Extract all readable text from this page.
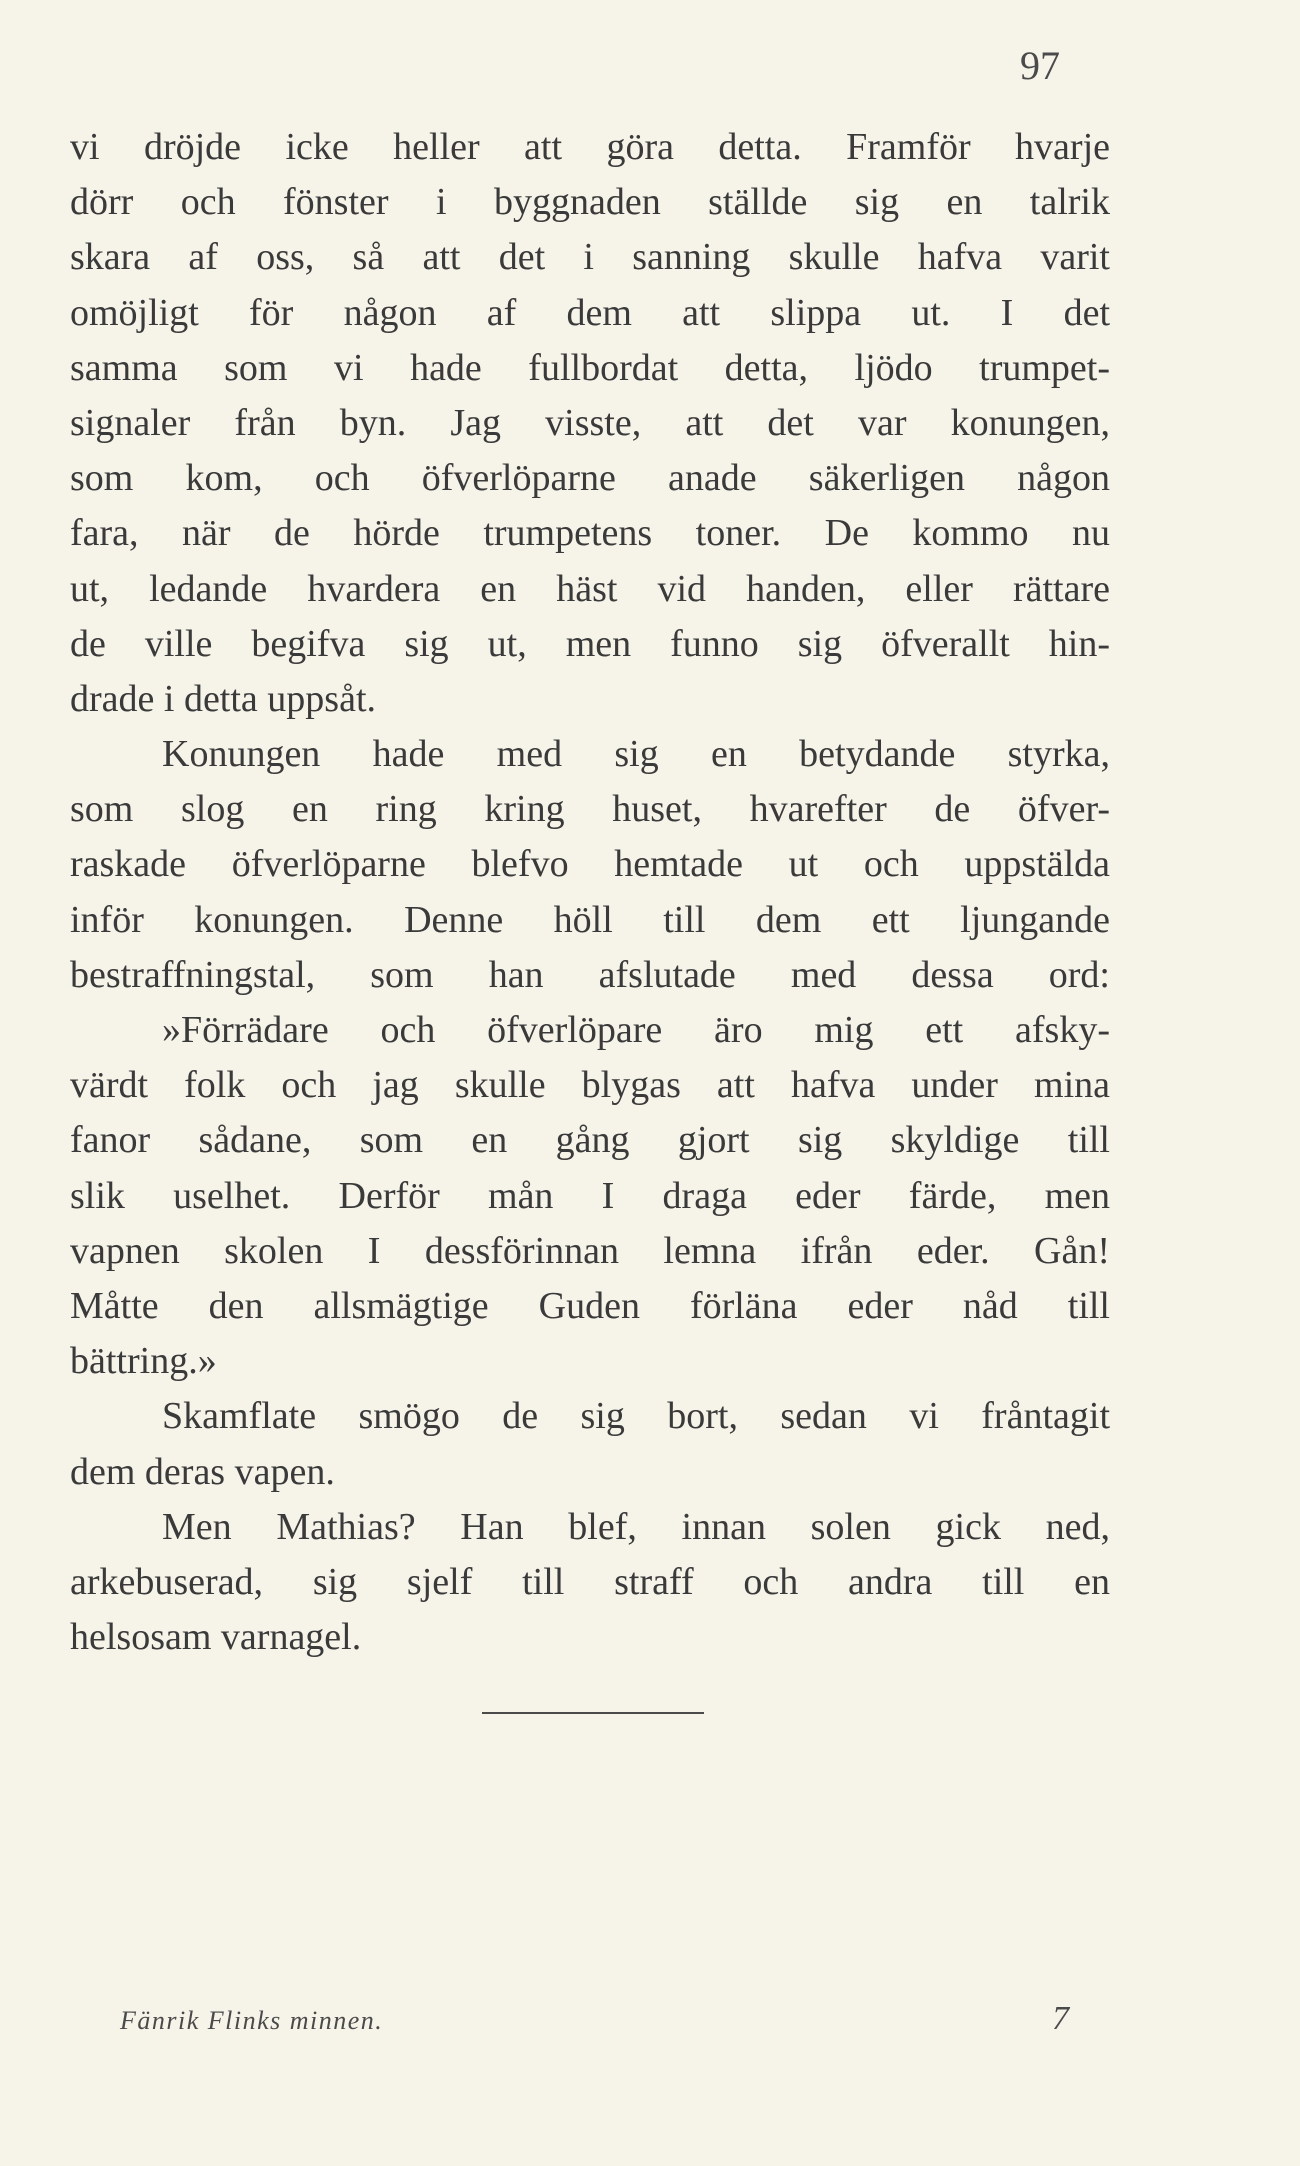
97
vi dröjde icke heller att göra detta. Framför hvarje
dörr och fönster i byggnaden ställde sig en talrik
skara af oss, så att det i sanning skulle hafva varit
omöjligt för någon af dem att slippa ut. I det
samma som vi hade fullbordat detta, ljödo trumpet-
signaler från byn. Jag visste, att det var konungen,
som kom, och öfverlöparne anade säkerligen någon
fara, när de hörde trumpetens toner. De kommo nu
ut, ledande hvardera en häst vid handen, eller rättare
de ville begifva sig ut, men funno sig öfverallt hin-
drade i detta uppsåt.
Konungen hade med sig en betydande styrka,
som slog en ring kring huset, hvarefter de öfver-
raskade öfverlöparne blefvo hemtade ut och uppstälda
inför konungen. Denne höll till dem ett ljungande
bestraffningstal, som han afslutade med dessa ord:
»Förrädare och öfverlöpare äro mig ett afsky-
värdt folk och jag skulle blygas att hafva under mina
fanor sådane, som en gång gjort sig skyldige till
slik uselhet. Derför mån I draga eder färde, men
vapnen skolen I dessförinnan lemna ifrån eder. Gån!
Måtte den allsmägtige Guden förläna eder nåd till
bättring.»
Skamflate smögo de sig bort, sedan vi fråntagit
dem deras vapen.
Men Mathias? Han blef, innan solen gick ned,
arkebuserad, sig sjelf till straff och andra till en
helsosam varnagel.
Fänrik Flinks minnen.	7
